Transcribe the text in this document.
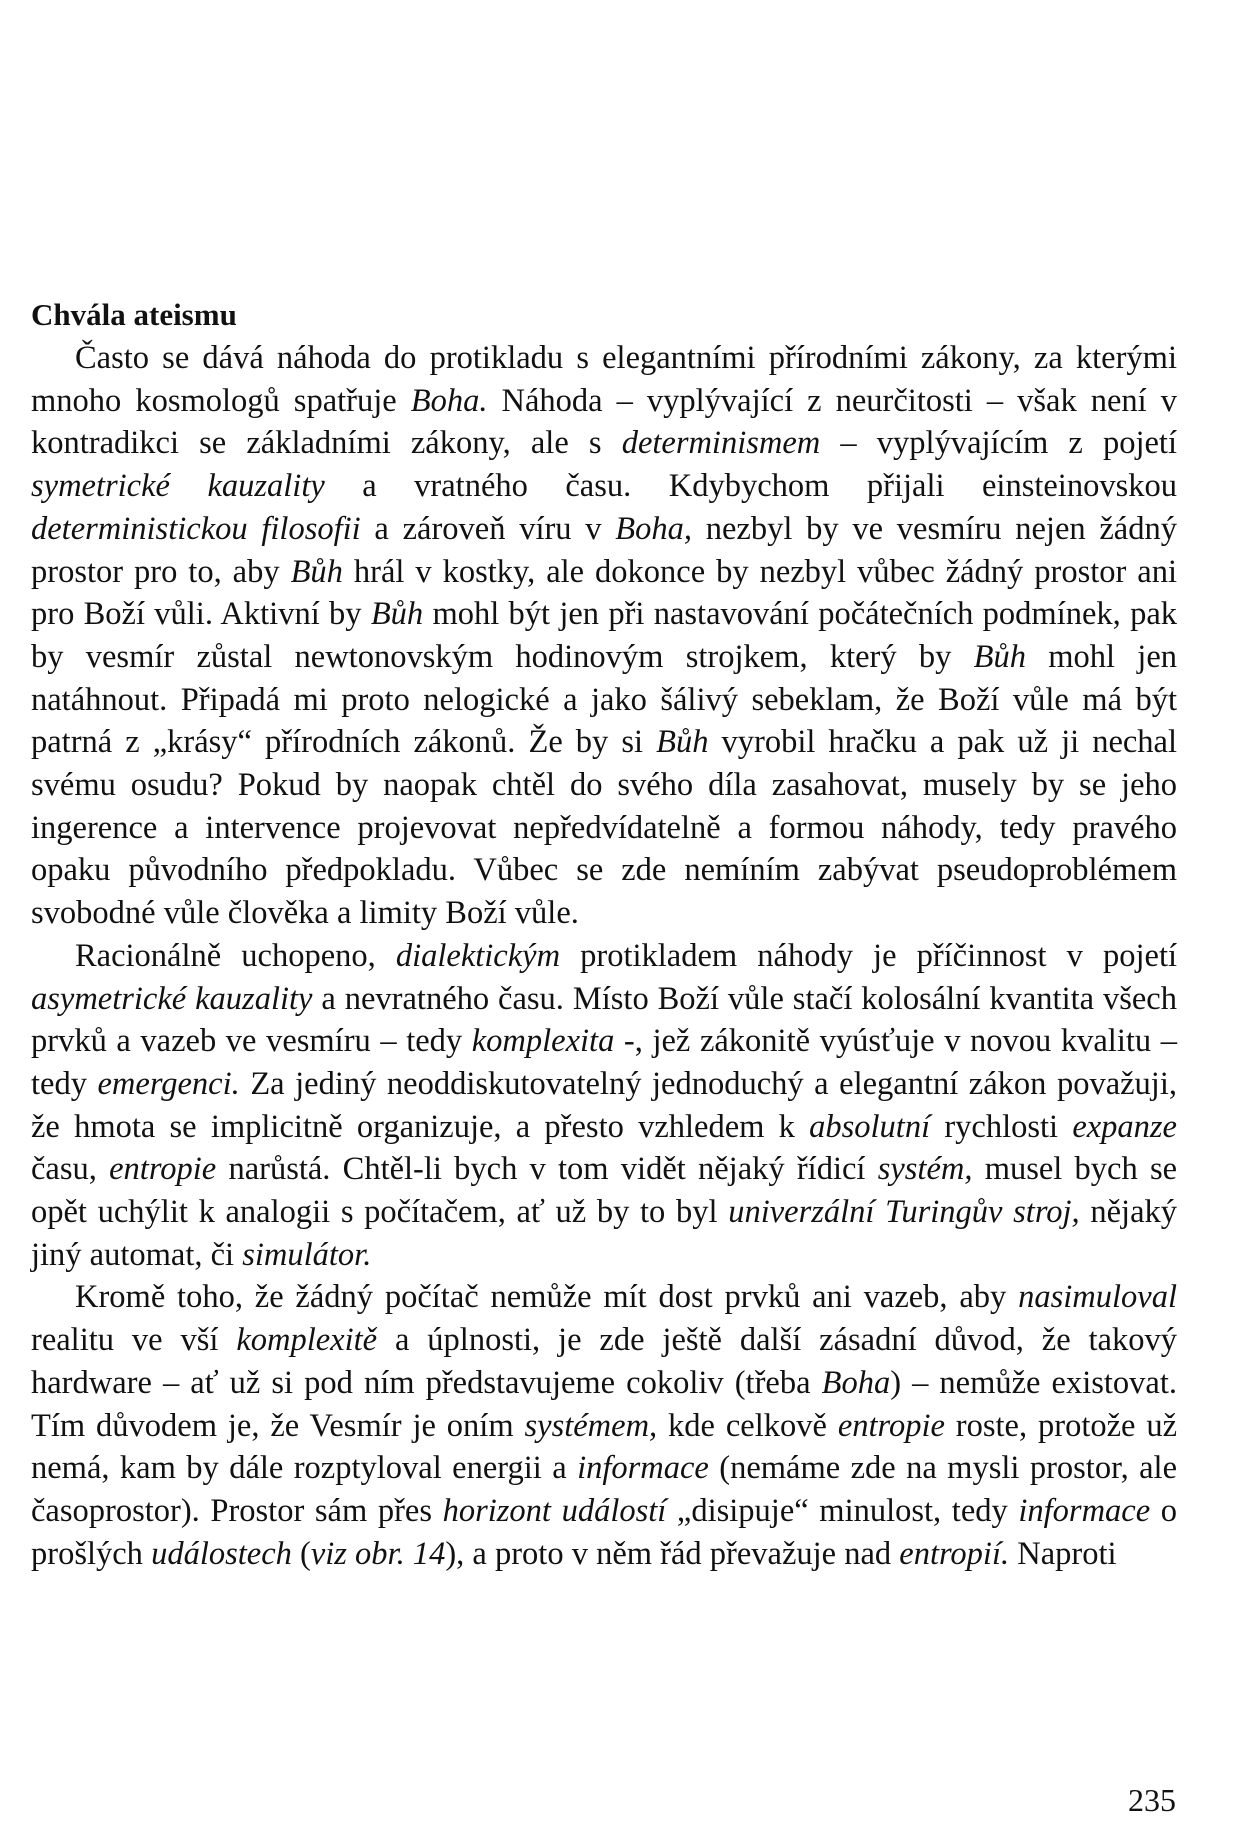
Chvála ateismu

Často se dává náhoda do protikladu s elegantními přírodními zákony, za kterými mnoho kosmologů spatřuje Boha. Náhoda – vyplývající z neurčitosti – však není v kontradikci se základními zákony, ale s determinismem – vyplývajícím z pojetí symetrické kauzality a vratného času. Kdybychom přijali einsteinovskou deterministickou filosofii a zároveň víru v Boha, nezbyl by ve vesmíru nejen žádný prostor pro to, aby Bůh hrál v kostky, ale dokonce by nezbyl vůbec žádný prostor ani pro Boží vůli. Aktivní by Bůh mohl být jen při nastavování počátečních podmínek, pak by vesmír zůstal newtonovským hodinovým strojkem, který by Bůh mohl jen natáhnout. Připadá mi proto nelogické a jako šálivý sebeklam, že Boží vůle má být patrná z „krásy“ přírodních zákonů. Že by si Bůh vyrobil hračku a pak už ji nechal svému osudu? Pokud by naopak chtěl do svého díla zasahovat, musely by se jeho ingerence a intervence projevovat nepředvídatelně a formou náhody, tedy pravého opaku původního předpokladu. Vůbec se zde nemíním zabývat pseudoproblémem svobodné vůle člověka a limity Boží vůle.

Racionálně uchopeno, dialektickým protikladem náhody je příčinnost v pojetí asymetrické kauzality a nevratného času. Místo Boží vůle stačí kolosální kvantita všech prvků a vazeb ve vesmíru – tedy komplexita -, jež zákonitě vyúsťuje v novou kvalitu – tedy emergenci. Za jediný neoddiskutovatelný jednoduchý a elegantní zákon považuji, že hmota se implicitně organizuje, a přesto vzhledem k absolutní rychlosti expanze času, entropie narůstá. Chtěl-li bych v tom vidět nějaký řídicí systém, musel bych se opět uchýlit k analogii s počítačem, ať už by to byl univerzální Turingův stroj, nějaký jiný automat, či simulátor.

Kromě toho, že žádný počítač nemůže mít dost prvků ani vazeb, aby nasimuloval realitu ve vší komplexitě a úplnosti, je zde ještě další zásadní důvod, že takový hardware – ať už si pod ním představujeme cokoliv (třeba Boha) – nemůže existovat. Tím důvodem je, že Vesmír je oním systémem, kde celkově entropie roste, protože už nemá, kam by dále rozptyloval energii a informace (nemáme zde na mysli prostor, ale časoprostor). Prostor sám přes horizont událostí „disipuje“ minulost, tedy informace o prošlých událostech (viz obr. 14), a proto v něm řád převažuje nad entropií. Naproti

235
